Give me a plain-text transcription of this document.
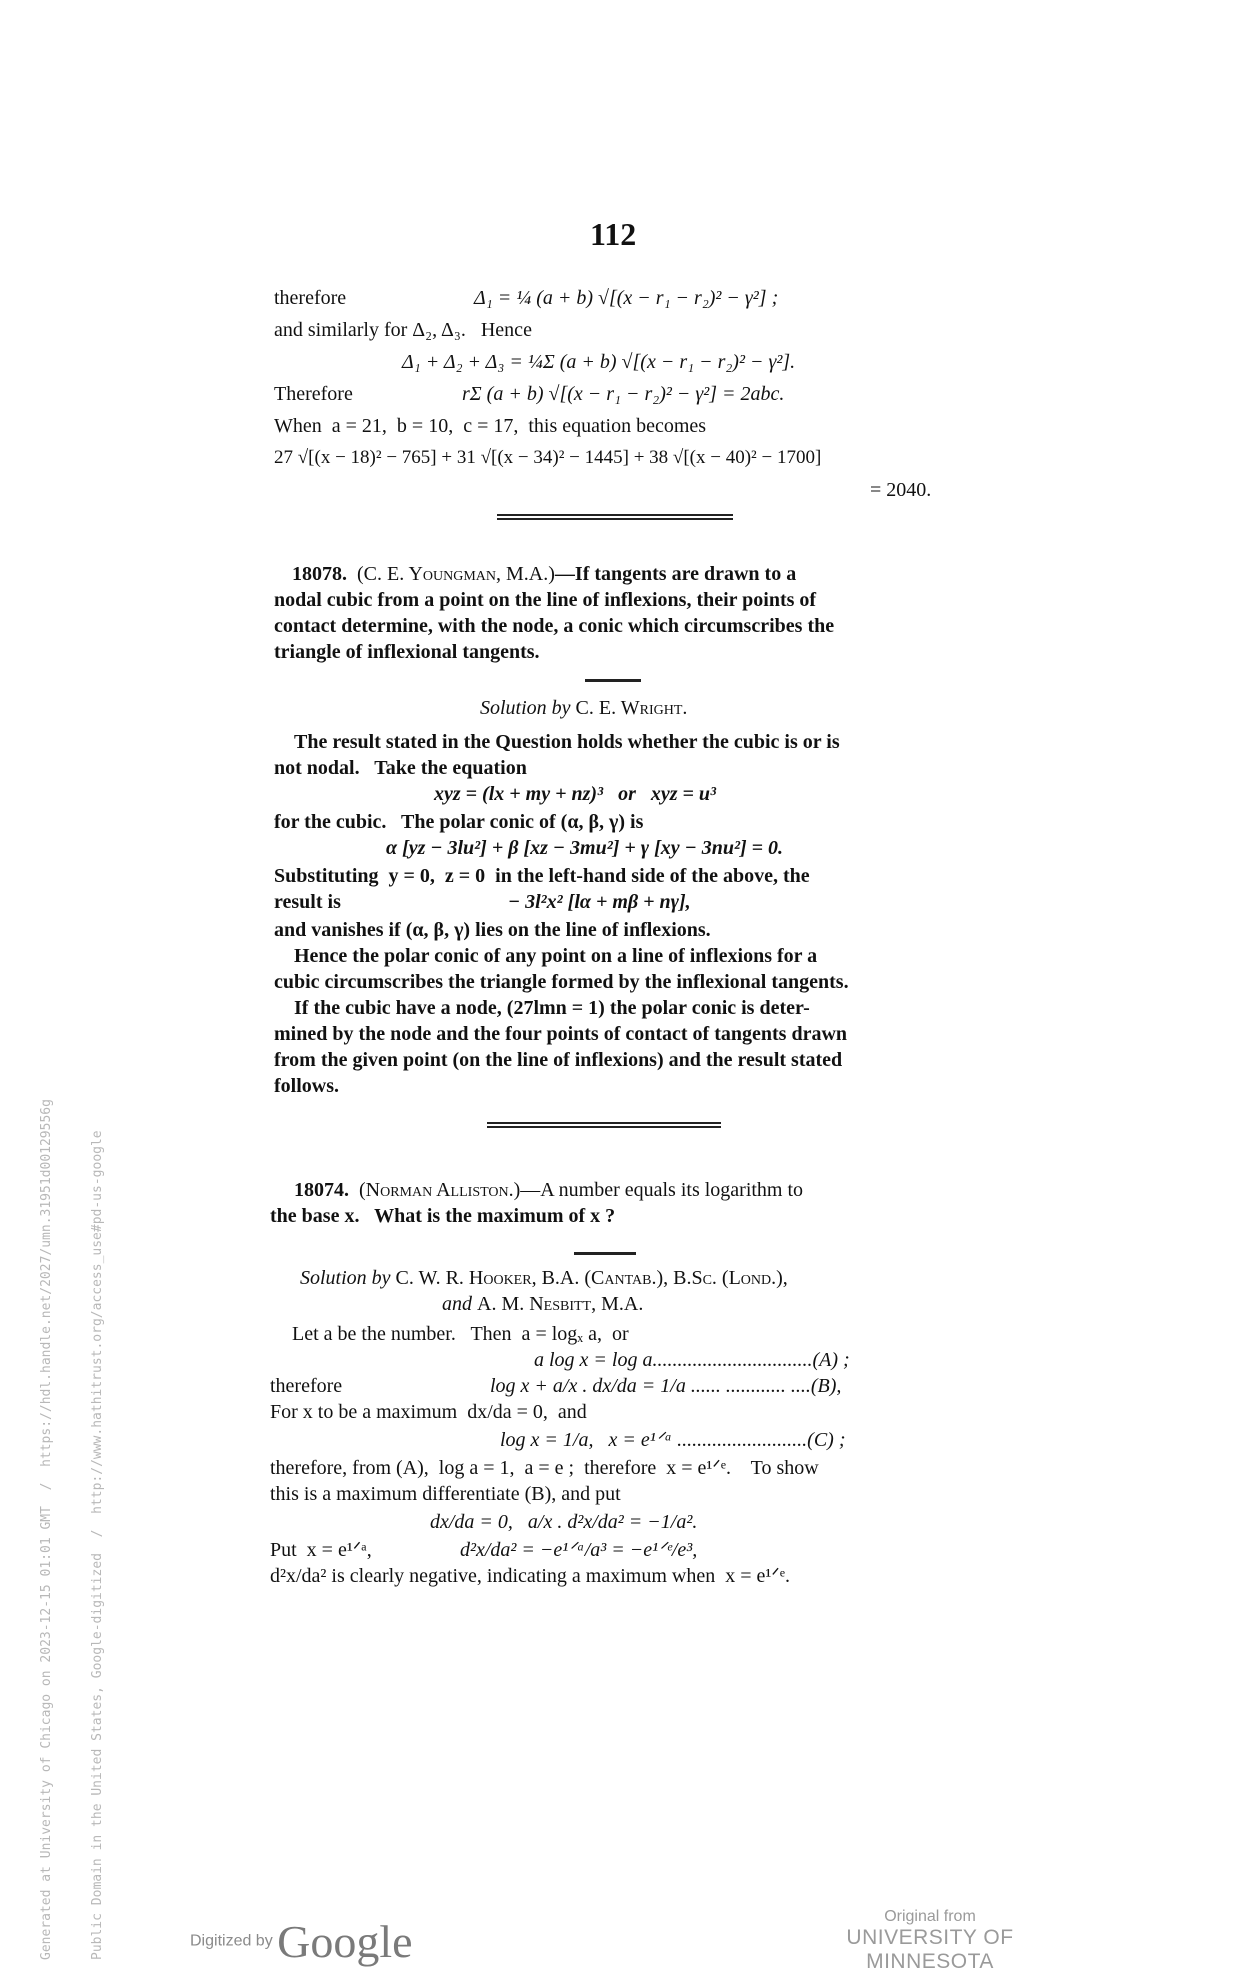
112
therefore	Δ₁ = ¼ (a + b) √[(x − r₁ − r₂)² − γ²] ;
and similarly for Δ₂, Δ₃.   Hence
Δ₁ + Δ₂ + Δ₃ = ¼Σ (a + b) √[(x − r₁ − r₂)² − γ²].
Therefore	rΣ (a + b) √[(x − r₁ − r₂)² − γ²] = 2abc.
When  a = 21,  b = 10,  c = 17,  this equation becomes
27 √[(x − 18)² − 765] + 31 √[(x − 34)² − 1445] + 38 √[(x − 40)² − 1700]
= 2040.
18078. (C. E. Youngman, M.A.)—If tangents are drawn to a
nodal cubic from a point on the line of inflexions, their points of
contact determine, with the node, a conic which circumscribes the
triangle of inflexional tangents.
Solution by C. E. Wright.
The result stated in the Question holds whether the cubic is or is
not nodal.   Take the equation
xyz = (lx + my + nz)³   or   xyz = u³
for the cubic.   The polar conic of (α, β, γ) is
α [yz − 3lu²] + β [xz − 3mu²] + γ [xy − 3nu²] = 0.
Substituting  y = 0,  z = 0  in the left-hand side of the above, the
result is	− 3l²x² [lα + mβ + nγ],
and vanishes if (α, β, γ) lies on the line of inflexions.
Hence the polar conic of any point on a line of inflexions for a
cubic circumscribes the triangle formed by the inflexional tangents.
If the cubic have a node, (27lmn = 1) the polar conic is deter-
mined by the node and the four points of contact of tangents drawn
from the given point (on the line of inflexions) and the result stated
follows.
18074. (Norman Alliston.)—A number equals its logarithm to
the base x.   What is the maximum of x ?
Solution by C. W. R. Hooker, B.A. (Cantab.), B.Sc. (Lond.),
and A. M. Nesbitt, M.A.
Let a be the number.   Then  a = logₓ a,  or
a log x = log a................................(A) ;
therefore	log x + a/x . dx/da = 1/a ...... ............ ....(B),
For x to be a maximum  dx/da = 0,  and
log x = 1/a,   x = e¹ᐟᵃ ..........................(C) ;
therefore, from (A),  log a = 1,  a = e ;  therefore  x = e¹ᐟᵉ.    To show
this is a maximum differentiate (B), and put
dx/da = 0,   a/x . d²x/da² = −1/a².
Put  x = e¹ᐟᵃ,	d²x/da² = −e¹ᐟᵃ/a³ = −e¹ᐟᵉ/e³,
d²x/da² is clearly negative, indicating a maximum when  x = e¹ᐟᵉ.

Generated at University of Chicago on 2023-12-15 01:01 GMT  /  https://hdl.handle.net/2027/umn.31951d00129556g

	Public Domain in the United States, Google-digitized  /  http://www.hathitrust.org/access_use#pd-us-google	Digitized by Google	Original from
UNIVERSITY OF MINNESOTA
